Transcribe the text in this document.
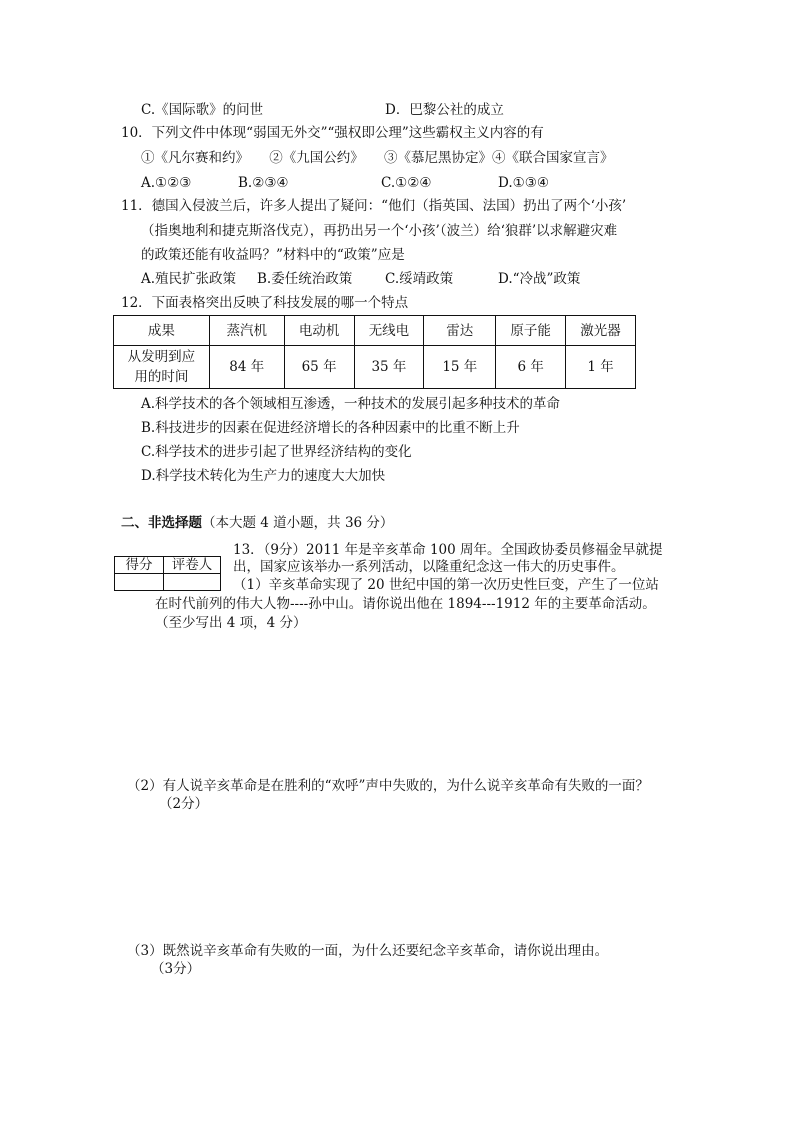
C.《国际歌》的问世	D．巴黎公社的成立
10．下列文件中体现“弱国无外交”“强权即公理”这些霸权主义内容的有
①《凡尔赛和约》　　②《九国公约》　　③《慕尼黑协定》④《联合国家宣言》
A.①②③	B.②③④	C.①②④	D.①③④
11．德国入侵波兰后，许多人提出了疑问：“他们（指英国、法国）扔出了两个‘小孩’
（指奥地利和捷克斯洛伐克），再扔出另一个‘小孩’（波兰）给‘狼群’以求解避灾难
的政策还能有收益吗？”材料中的“政策”应是
A.殖民扩张政策 B.委任统治政策 C.绥靖政策	D.“冷战”政策
12．下面表格突出反映了科技发展的哪一个特点
成果	蒸汽机	电动机	无线电	雷达	原子能	激光器

从发明到应
用的时间	84 年	65 年	35 年	15 年	6 年	1 年
A.科学技术的各个领域相互渗透，一种技术的发展引起多种技术的革命
B.科技进步的因素在促进经济增长的各种因素中的比重不断上升
C.科学技术的进步引起了世界经济结构的变化
D.科学技术转化为生产力的速度大大加快
二、非选择题（本大题 4 道小题，共 36 分）
得分	评卷人

13．（9分）2011 年是辛亥革命 100 周年。全国政协委员修福金早就提
出，国家应该举办一系列活动，以隆重纪念这一伟大的历史事件。
（1）辛亥革命实现了 20 世纪中国的第一次历史性巨变，产生了一位站
在时代前列的伟大人物----孙中山。请你说出他在 1894---1912 年的主要革命活动。
（至少写出 4 项，4 分）
（2）有人说辛亥革命是在胜利的“欢呼”声中失败的，为什么说辛亥革命有失败的一面？
（2分）
（3）既然说辛亥革命有失败的一面，为什么还要纪念辛亥革命，请你说出理由。
（3分）
